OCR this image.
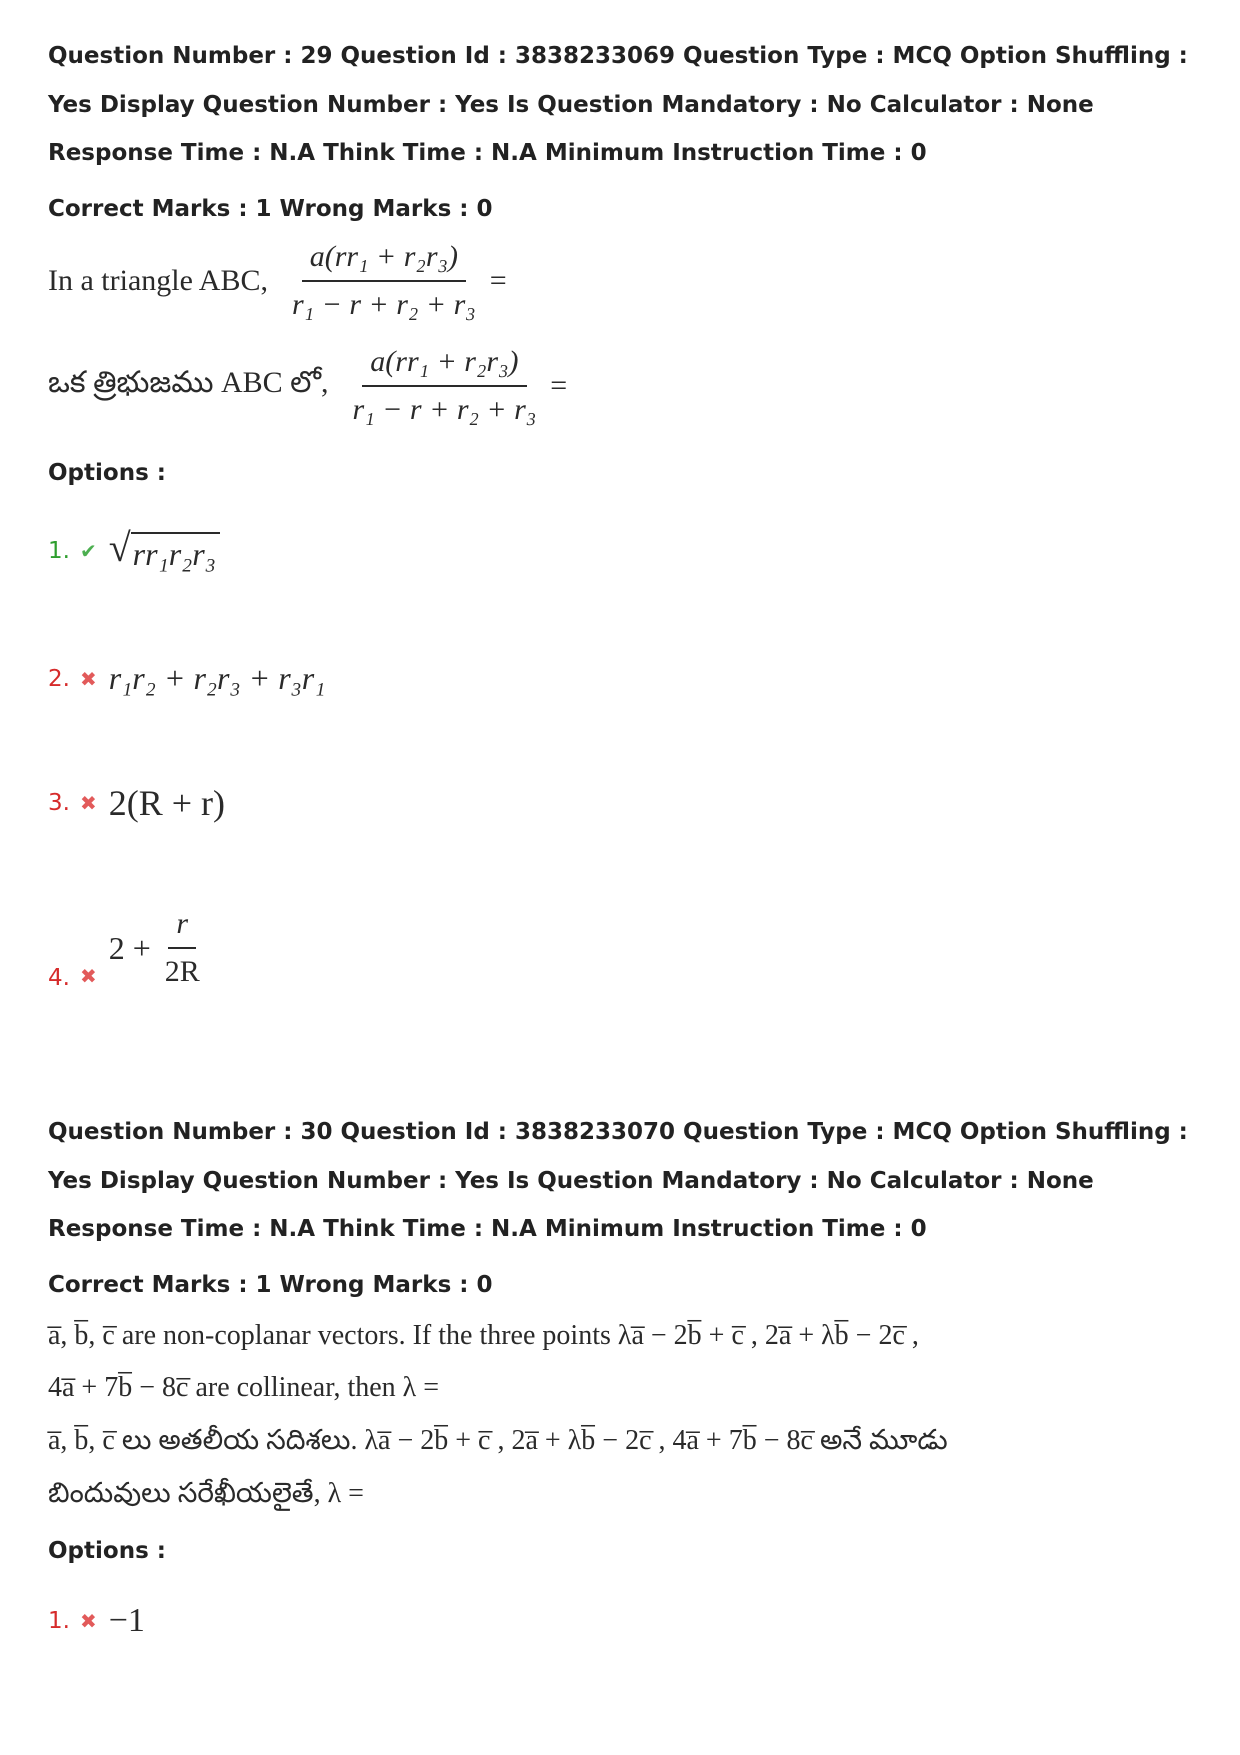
Question Number : 29 Question Id : 3838233069 Question Type : MCQ Option Shuffling : Yes Display Question Number : Yes Is Question Mandatory : No Calculator : None Response Time : N.A Think Time : N.A Minimum Instruction Time : 0
Correct Marks : 1 Wrong Marks : 0
In a triangle ABC, $\frac{\text{a(rr₁ + r₂r₃)}}{\text{r₁ − r + r₂ + r₃}}$ =
ఒక త్రిభుజము ABC లో, $\frac{\text{a(rr₁ + r₂r₃)}}{\text{r₁ − r + r₂ + r₃}}$ =
Options :
1. ✔ √ rr₁r₂r₃
2. ✖ r₁r₂ + r₂r₃ + r₃r₁
3. ✖ 2(R + r)
4. ✖
$2 + \frac{r}{2R}$
Question Number : 30 Question Id : 3838233070 Question Type : MCQ Option Shuffling : Yes Display Question Number : Yes Is Question Mandatory : No Calculator : None Response Time : N.A Think Time : N.A Minimum Instruction Time : 0
Correct Marks : 1 Wrong Marks : 0
a̅, b̅, c̅ are non-coplanar vectors. If the three points λa̅ − 2b̅ + c̅ , 2a̅ + λb̅ − 2c̅ ,
4a̅ + 7b̅ − 8c̅ are collinear, then λ =
a̅, b̅, c̅ లు అతలీయ సదిశలు. λa̅ − 2b̅ + c̅ , 2a̅ + λb̅ − 2c̅ , 4a̅ + 7b̅ − 8c̅ అనే మూడు
బిందువులు సరేఖీయలైతే, λ =
Options :
1. ✖ −1
